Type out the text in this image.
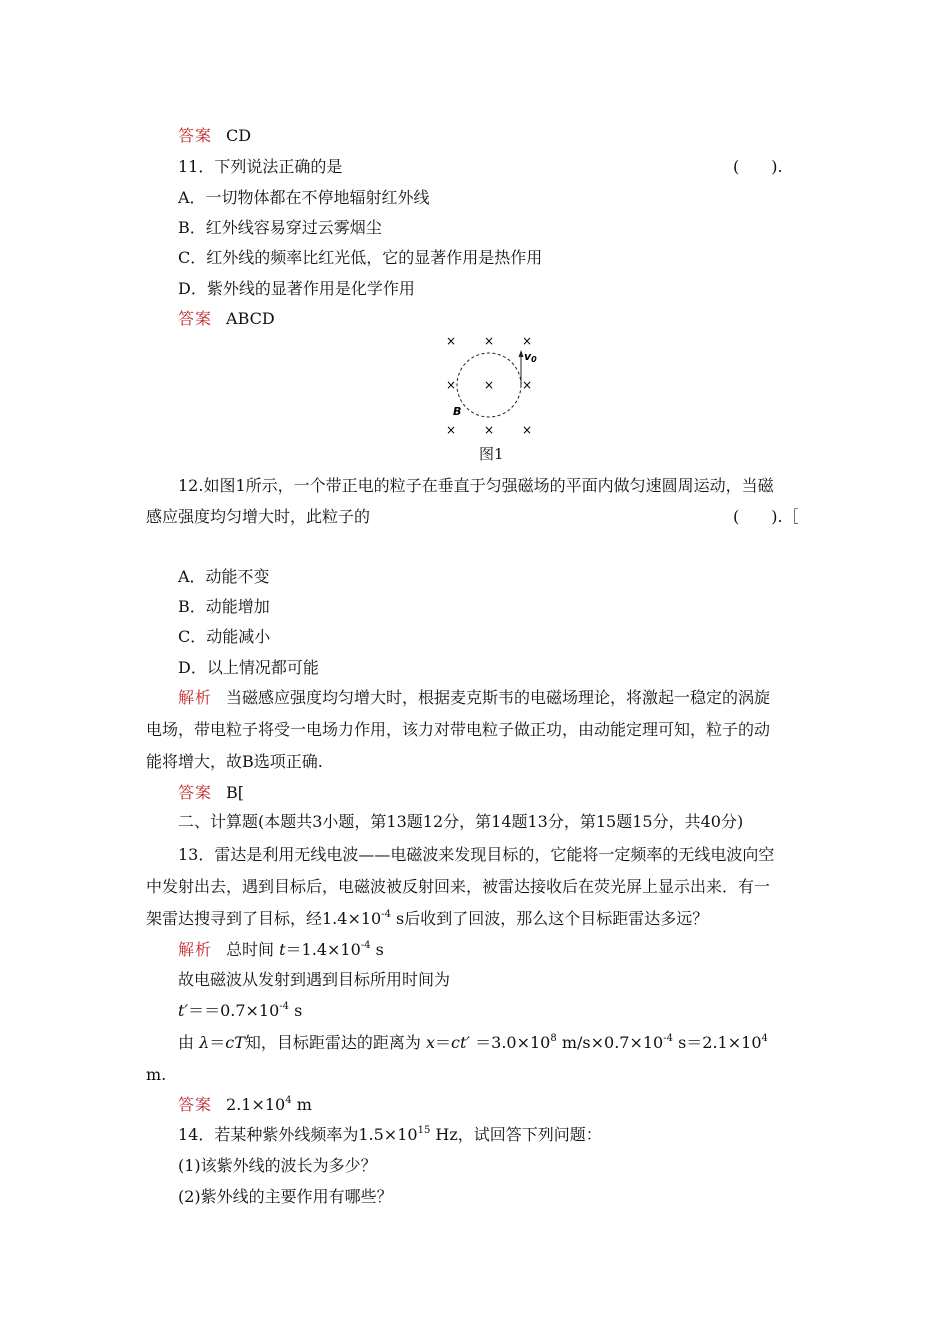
答案 CD
11．下列说法正确的是	(　　).
A．一切物体都在不停地辐射红外线
B．红外线容易穿过云雾烟尘
C．红外线的频率比红光低，它的显著作用是热作用
D．紫外线的显著作用是化学作用
答案 ABCD
× × ×
× × ×
× × ×
v0
B
图1
12.如图1所示，一个带正电的粒子在垂直于匀强磁场的平面内做匀速圆周运动，当磁
感应强度均匀增大时，此粒子的	(　　).［
A．动能不变
B．动能增加
C．动能减小
D．以上情况都可能
解析 当磁感应强度均匀增大时，根据麦克斯韦的电磁场理论，将激起一稳定的涡旋
电场，带电粒子将受一电场力作用，该力对带电粒子做正功，由动能定理可知，粒子的动
能将增大，故B选项正确.
答案 B[
二、计算题(本题共3小题，第13题12分，第14题13分，第15题15分，共40分)
13．雷达是利用无线电波——电磁波来发现目标的，它能将一定频率的无线电波向空
中发射出去，遇到目标后，电磁波被反射回来，被雷达接收后在荧光屏上显示出来．有一
架雷达搜寻到了目标，经$1.4\times 10^{-4}$ s后收到了回波，那么这个目标距雷达多远？
解析 总时间 $t=1.4\times 10^{-4}$ s
故电磁波从发射到遇到目标所用时间为
$t'==0.7\times 10^{-4}$ s
由 λ＝cT知，目标距雷达的距离为 $x=ct' =3.0\times 10^8$ $m/s\times 0.7\times 10^{-4}$ $s=2.1\times 10^4$
m.
答案 $2.1\times 10^4$ m
14．若某种紫外线频率为$1.5\times 10^{15}$ Hz，试回答下列问题：
(1)该紫外线的波长为多少？
(2)紫外线的主要作用有哪些？
